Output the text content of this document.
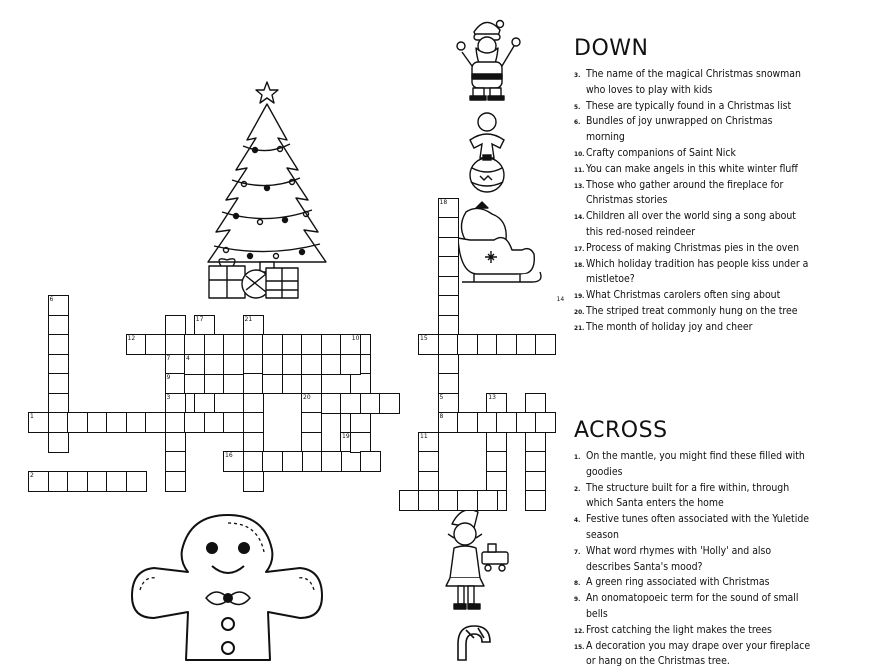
1
2
3
4
5
6
7
8
9
10
11
12
13
14
15
16
17
18
19
20
21
DOWN
3. The name of the magical Christmas snowman who loves to play with kids
5. These are typically found in a Christmas list
6. Bundles of joy unwrapped on Christmas morning
10. Crafty companions of Saint Nick
11. You can make angels in this white winter fluff
13. Those who gather around the fireplace for Christmas stories
14. Children all over the world sing a song about this red-nosed reindeer
17. Process of making Christmas pies in the oven
18. Which holiday tradition has people kiss under a mistletoe?
19. What Christmas carolers often sing about
20. The striped treat commonly hung on the tree
21. The month of holiday joy and cheer
ACROSS
1. On the mantle, you might find these filled with goodies
2. The structure built for a fire within, through which Santa enters the home
4. Festive tunes often associated with the Yuletide season
7. What word rhymes with 'Holly' and also describes Santa's mood?
8. A green ring associated with Christmas
9. An onomatopoeic term for the sound of small bells
12. Frost catching the light makes the trees
15. A decoration you may drape over your fireplace or hang on the Christmas tree.
